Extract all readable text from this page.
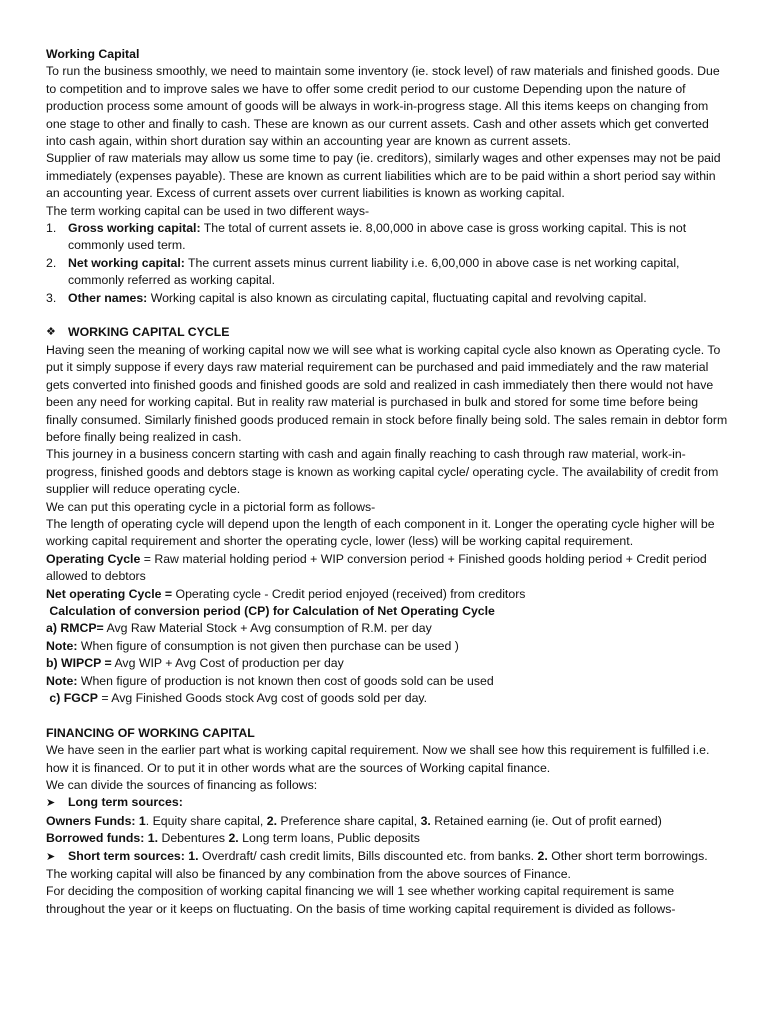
Working Capital

To run the business smoothly, we need to maintain some inventory (ie. stock level) of raw materials and finished goods. Due to competition and to improve sales we have to offer some credit period to our custome Depending upon the nature of production process some amount of goods will be always in work-in-progress stage. All this items keeps on changing from one stage to other and finally to cash. These are known as our current assets. Cash and other assets which get converted into cash again, within short duration say within an accounting year are known as current assets.

Supplier of raw materials may allow us some time to pay (ie. creditors), similarly wages and other expenses may not be paid immediately (expenses payable). These are known as current liabilities which are to be paid within a short period say within an accounting year. Excess of current assets over current liabilities is known as working capital.

The term working capital can be used in two different ways-

1. Gross working capital: The total of current assets ie. 8,00,000 in above case is gross working capital. This is not commonly used term.
2. Net working capital: The current assets minus current liability i.e. 6,00,000 in above case is net working capital, commonly referred as working capital.
3. Other names: Working capital is also known as circulating capital, fluctuating capital and revolving capital.
❖ WORKING CAPITAL CYCLE

Having seen the meaning of working capital now we will see what is working capital cycle also known as Operating cycle. To put it simply suppose if every days raw material requirement can be purchased and paid immediately and the raw material gets converted into finished goods and finished goods are sold and realized in cash immediately then there would not have been any need for working capital. But in reality raw material is purchased in bulk and stored for some time before being finally consumed. Similarly finished goods produced remain in stock before finally being sold. The sales remain in debtor form before finally being realized in cash.

This journey in a business concern starting with cash and again finally reaching to cash through raw material, work-in-progress, finished goods and debtors stage is known as working capital cycle/ operating cycle. The availability of credit from supplier will reduce operating cycle.

We can put this operating cycle in a pictorial form as follows-

The length of operating cycle will depend upon the length of each component in it. Longer the operating cycle higher will be working capital requirement and shorter the operating cycle, lower (less) will be working capital requirement.

Operating Cycle = Raw material holding period + WIP conversion period + Finished goods holding period + Credit period allowed to debtors

Net operating Cycle = Operating cycle - Credit period enjoyed (received) from creditors

Calculation of conversion period (CP) for Calculation of Net Operating Cycle

a) RMCP= Avg Raw Material Stock + Avg consumption of R.M. per day

Note: When figure of consumption is not given then purchase can be used )

b) WIPCP = Avg WIP + Avg Cost of production per day

Note: When figure of production is not known then cost of goods sold can be used

c) FGCP = Avg Finished Goods stock Avg cost of goods sold per day.

FINANCING OF WORKING CAPITAL

We have seen in the earlier part what is working capital requirement. Now we shall see how this requirement is fulfilled i.e. how it is financed. Or to put it in other words what are the sources of Working capital finance.

We can divide the sources of financing as follows:

➤ Long term sources:

Owners Funds: 1. Equity share capital, 2. Preference share capital, 3. Retained earning (ie. Out of profit earned)

Borrowed funds: 1. Debentures 2. Long term loans, Public deposits

➤ Short term sources: 1. Overdraft/ cash credit limits, Bills discounted etc. from banks. 2. Other short term borrowings.

The working capital will also be financed by any combination from the above sources of Finance.

For deciding the composition of working capital financing we will 1 see whether working capital requirement is same throughout the year or it keeps on fluctuating. On the basis of time working capital requirement is divided as follows-
